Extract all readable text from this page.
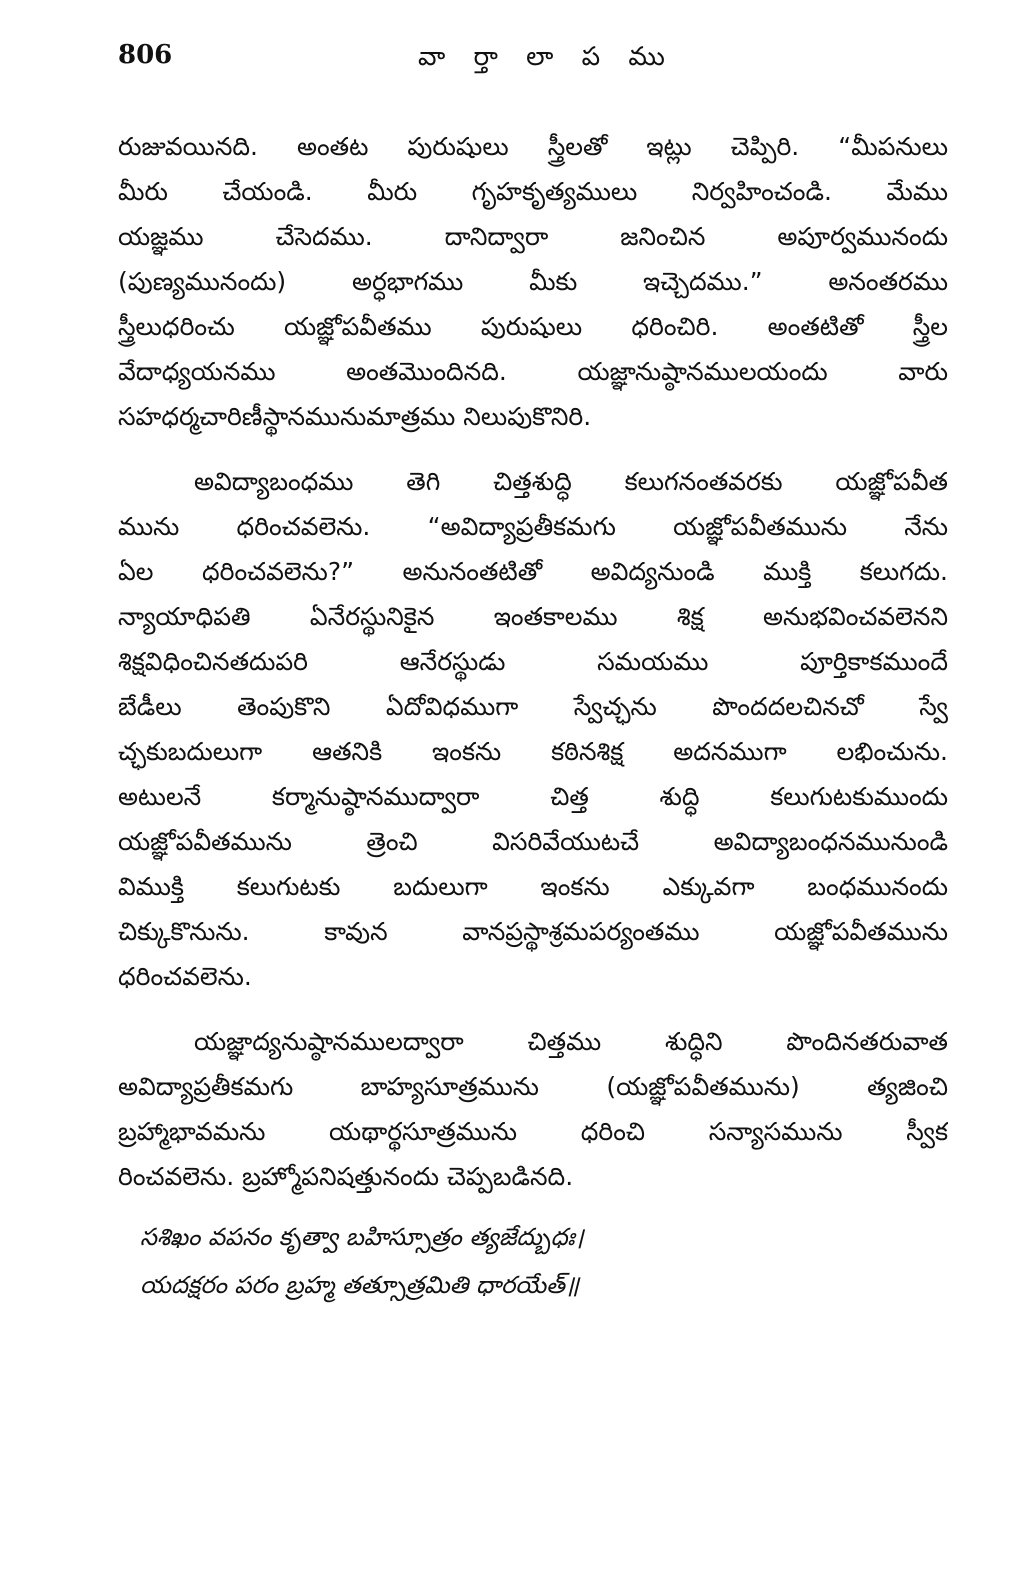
806	వా ర్తా లా ప ము

రుజువయినది. అంతట పురుషులు స్త్రీలతో ఇట్లు చెప్పిరి. “మీపనులు
మీరు చేయండి. మీరు గృహకృత్యములు నిర్వహించండి. మేము
యజ్ఞము చేసెదము. దానిద్వారా జనించిన అపూర్వమునందు
(పుణ్యమునందు) అర్ధభాగము మీకు ఇచ్చెదము.” అనంతరము
స్త్రీలుధరించు యజ్ఞోపవీతము పురుషులు ధరించిరి. అంతటితో స్త్రీల
వేదాధ్యయనము అంతమొందినది. యజ్ఞానుష్ఠానములయందు వారు
సహధర్మచారిణీస్థానమునుమాత్రము నిలుపుకొనిరి.

అవిద్యాబంధము తెగి చిత్తశుద్ధి కలుగనంతవరకు యజ్ఞోపవీత
మును ధరించవలెను. “అవిద్యాప్రతీకమగు యజ్ఞోపవీతమును నేను
ఏల ధరించవలెను?” అనునంతటితో అవిద్యనుండి ముక్తి కలుగదు.
న్యాయాధిపతి ఏనేరస్థునికైన ఇంతకాలము శిక్ష అనుభవించవలెనని
శిక్షవిధించినతదుపరి ఆనేరస్థుడు సమయము పూర్తికాకముందే
బేడీలు తెంపుకొని ఏదోవిధముగా స్వేచ్ఛను పొందదలచినచో స్వే
చ్ఛకుబదులుగా ఆతనికి ఇంకను కఠినశిక్ష అదనముగా లభించును.
అటులనే కర్మానుష్ఠానముద్వారా చిత్త శుద్ధి కలుగుటకుముందు
యజ్ఞోపవీతమును త్రెంచి విసరివేయుటచే అవిద్యాబంధనమునుండి
విముక్తి కలుగుటకు బదులుగా ఇంకను ఎక్కువగా బంధమునందు
చిక్కుకొనును. కావున వానప్రస్థాశ్రమపర్యంతము యజ్ఞోపవీతమును
ధరించవలెను.

యజ్ఞాద్యనుష్ఠానములద్వారా చిత్తము శుద్ధిని పొందినతరువాత
అవిద్యాప్రతీకమగు బాహ్యసూత్రమును (యజ్ఞోపవీతమును) త్యజించి
బ్రహ్మాభావమను యథార్థసూత్రమును ధరించి సన్యాసమును స్వీక
రించవలెను. బ్రహ్మోపనిషత్తునందు చెప్పబడినది.

సశిఖం వపనం కృత్వా బహిస్సూత్రం త్యజేద్బుధః।
యదక్షరం పరం బ్రహ్మ తత్సూత్రమితి ధారయేత్॥
